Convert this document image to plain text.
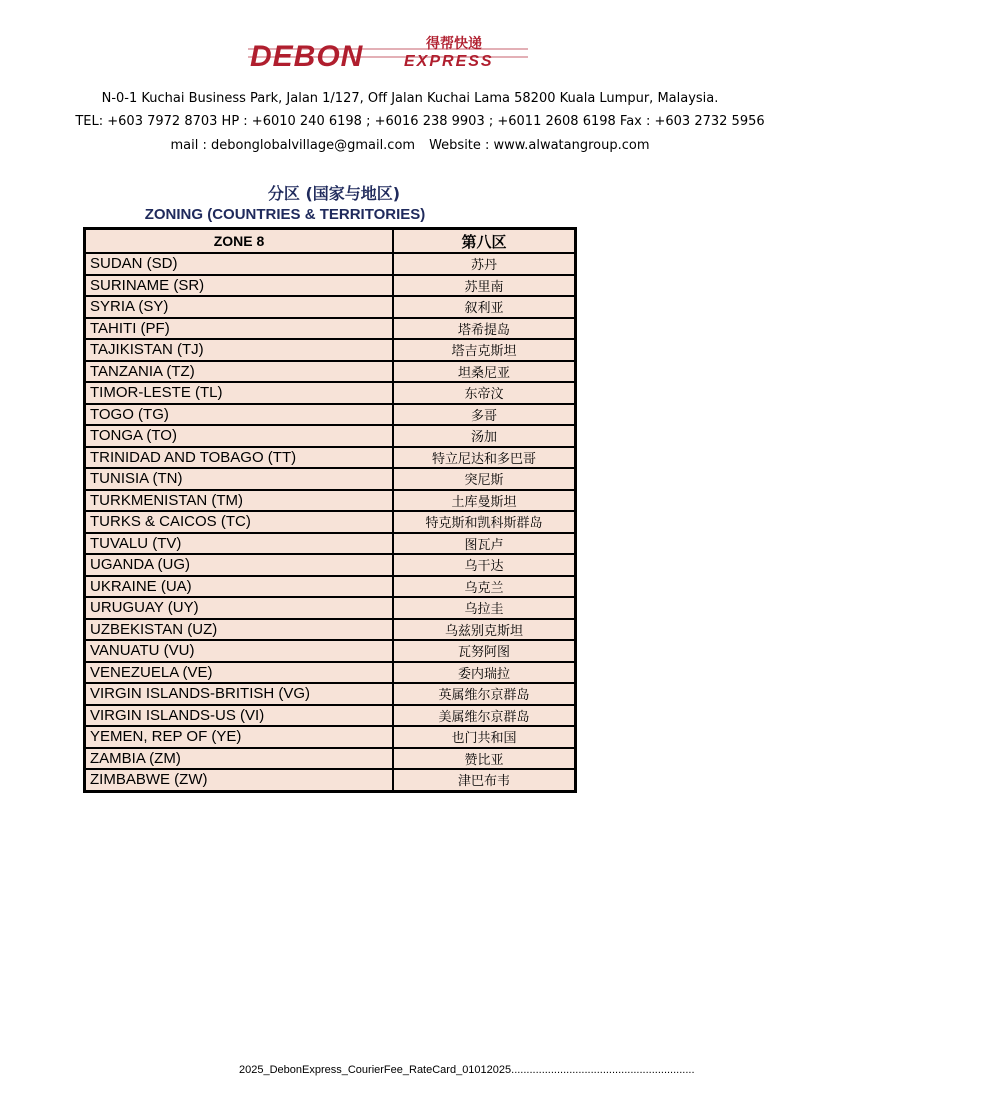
DEBON	EXPRESS
得帮快递
N-0-1 Kuchai Business Park, Jalan 1/127, Off Jalan Kuchai Lama 58200 Kuala Lumpur, Malaysia.
TEL: +603 7972 8703 HP : +6010 240 6198 ; +6016 238 9903 ; +6011 2608 6198 Fax : +603 2732 5956
mail : debonglobalvillage@gmail.com Website : www.alwatangroup.com
分区 (国家与地区)
ZONING (COUNTRIES & TERRITORIES)
ZONE 8	第八区
SUDAN (SD)	苏丹
SURINAME (SR)	苏里南
SYRIA (SY)	叙利亚
TAHITI (PF)	塔希提岛
TAJIKISTAN (TJ)	塔吉克斯坦
TANZANIA (TZ)	坦桑尼亚
TIMOR-LESTE (TL)	东帝汶
TOGO (TG)	多哥
TONGA (TO)	汤加
TRINIDAD AND TOBAGO (TT)	特立尼达和多巴哥
TUNISIA (TN)	突尼斯
TURKMENISTAN (TM)	土库曼斯坦
TURKS & CAICOS (TC)	特克斯和凯科斯群岛
TUVALU (TV)	图瓦卢
UGANDA (UG)	乌干达
UKRAINE (UA)	乌克兰
URUGUAY (UY)	乌拉圭
UZBEKISTAN (UZ)	乌兹别克斯坦
VANUATU (VU)	瓦努阿图
VENEZUELA (VE)	委内瑞拉
VIRGIN ISLANDS-BRITISH (VG)	英属维尔京群岛
VIRGIN ISLANDS-US (VI)	美属维尔京群岛
YEMEN, REP OF (YE)	也门共和国
ZAMBIA (ZM)	赞比亚
ZIMBABWE (ZW)	津巴布韦
2025_DebonExpress_CourierFee_RateCard_01012025............................................................
